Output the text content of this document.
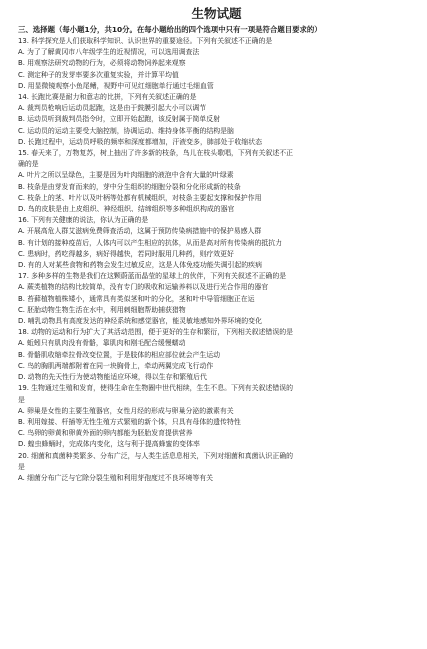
生物试题
三、选择题（每小题1分，共10分。在每小题给出的四个选项中只有一项是符合题目要求的）
13. 科学探究是人们获取科学知识、认识世界的重要途径。下列有关叙述不正确的是
A. 为了了解黄冈市八年级学生的近视情况，可以选用调查法
B. 用观察法研究动物的行为，必须将动物饲养起来观察
C. 测定种子的发芽率要多次重复实验，并计算平均值
D. 用显微镜观察小鱼尾鳍，视野中可见红细胞单行通过毛细血管
14. 长跑比赛是耐力和意志的比拼，下列有关叙述正确的是
A. 裁判员枪响后运动员起跑，这是由于鼓膜引起大小可以调节
B. 运动员听到裁判员指令时，立即开始起跑，该反射属于简单反射
C. 运动员的运动主要受大脑控制，协调运动、维持身体平衡的结构是脑
D. 长跑过程中，运动员呼吸的频率和深度都增加，汗液变多，肺部处于收缩状态
15. 春天来了，万物复苏，树上抽出了许多新的枝条，鸟儿在枝头歌唱，下列有关叙述不正
确的是
A. 叶片之所以呈绿色，主要是因为叶肉细胞的液泡中含有大量的叶绿素
B. 枝条是由芽发育而来的，芽中分生组织的细胞分裂和分化形成新的枝条
C. 枝条上的茎、叶片以及叶柄等处都有机械组织，对枝条主要起支撑和保护作用
D. 鸟的皮肤是由上皮组织、神经组织、结缔组织等多种组织构成的器官
16. 下列有关健康的说法，你认为正确的是
A. 开展高危人群艾滋病免费筛查活动，这属于预防传染病措施中的保护易感人群
B. 有计划的接种疫苗后，人体内可以产生相应的抗体，从而是高对所有传染病的抵抗力
C. 患病时，药吃得越多，病好得越快，若同时服用几种药，则疗效更好
D. 有的人对某些食物和药物会发生过敏反应，这是人体免疫功能失调引起的疾病
17. 多种多样的生物是我们在这颗蔚蓝而晶莹的星球上的伙伴，下列有关叙述不正确的是
A. 蕨类植物的结构比较简单，没有专门的吸收和运输养料以及进行光合作用的器官
B. 苔藓植物植株矮小，通常具有类似茎和叶的分化，茎和叶中导管细胞正在运
C. 胚胎动物生物生活在水中，利用刺细胞帮助捕获猎物
D. 哺乳动物具有高度发达的神经系统和感觉器官，能灵敏地感知外界环境的变化
18. 动物的运动和行为扩大了其活动范围，便于更好的生存和繁衍，下列相关叙述错误的是
A. 蚯蚓只有肌肉没有骨骼，靠肌肉和刚毛配合缓慢蠕动
B. 骨骼肌收缩牵拉骨改变位置，于是肢体的相应部位就会产生运动
C. 鸟的胸肌两端都附着在同一块胸骨上，牵动两翼完成飞行动作
D. 动物的先天性行为使动物能适应环境，得以生存和繁殖后代
19. 生物通过生殖和发育，使得生命在生物圈中世代相续，生生不息。下列有关叙述错误的
是
A. 卵巢是女性的主要生殖器官，女性月经的形成与卵巢分泌的激素有关
B. 利用嫁接、杆插等无性生殖方式繁殖的新个体，只具有母体的遗传特性
C. 鸟卵的卵黄和卵黄外面的卵内都能为胚胎发育提供营养
D. 蝗虫蜂蛹时，完成体内变化，这与利于提高蜂蜜的变体率
20. 细菌和真菌种类繁多、分布广泛，与人类生活息息相关，下列对细菌和真菌认识正确的
是
A. 细菌分布广泛与它除分裂生殖和利用芽孢度过不良环境等有关
